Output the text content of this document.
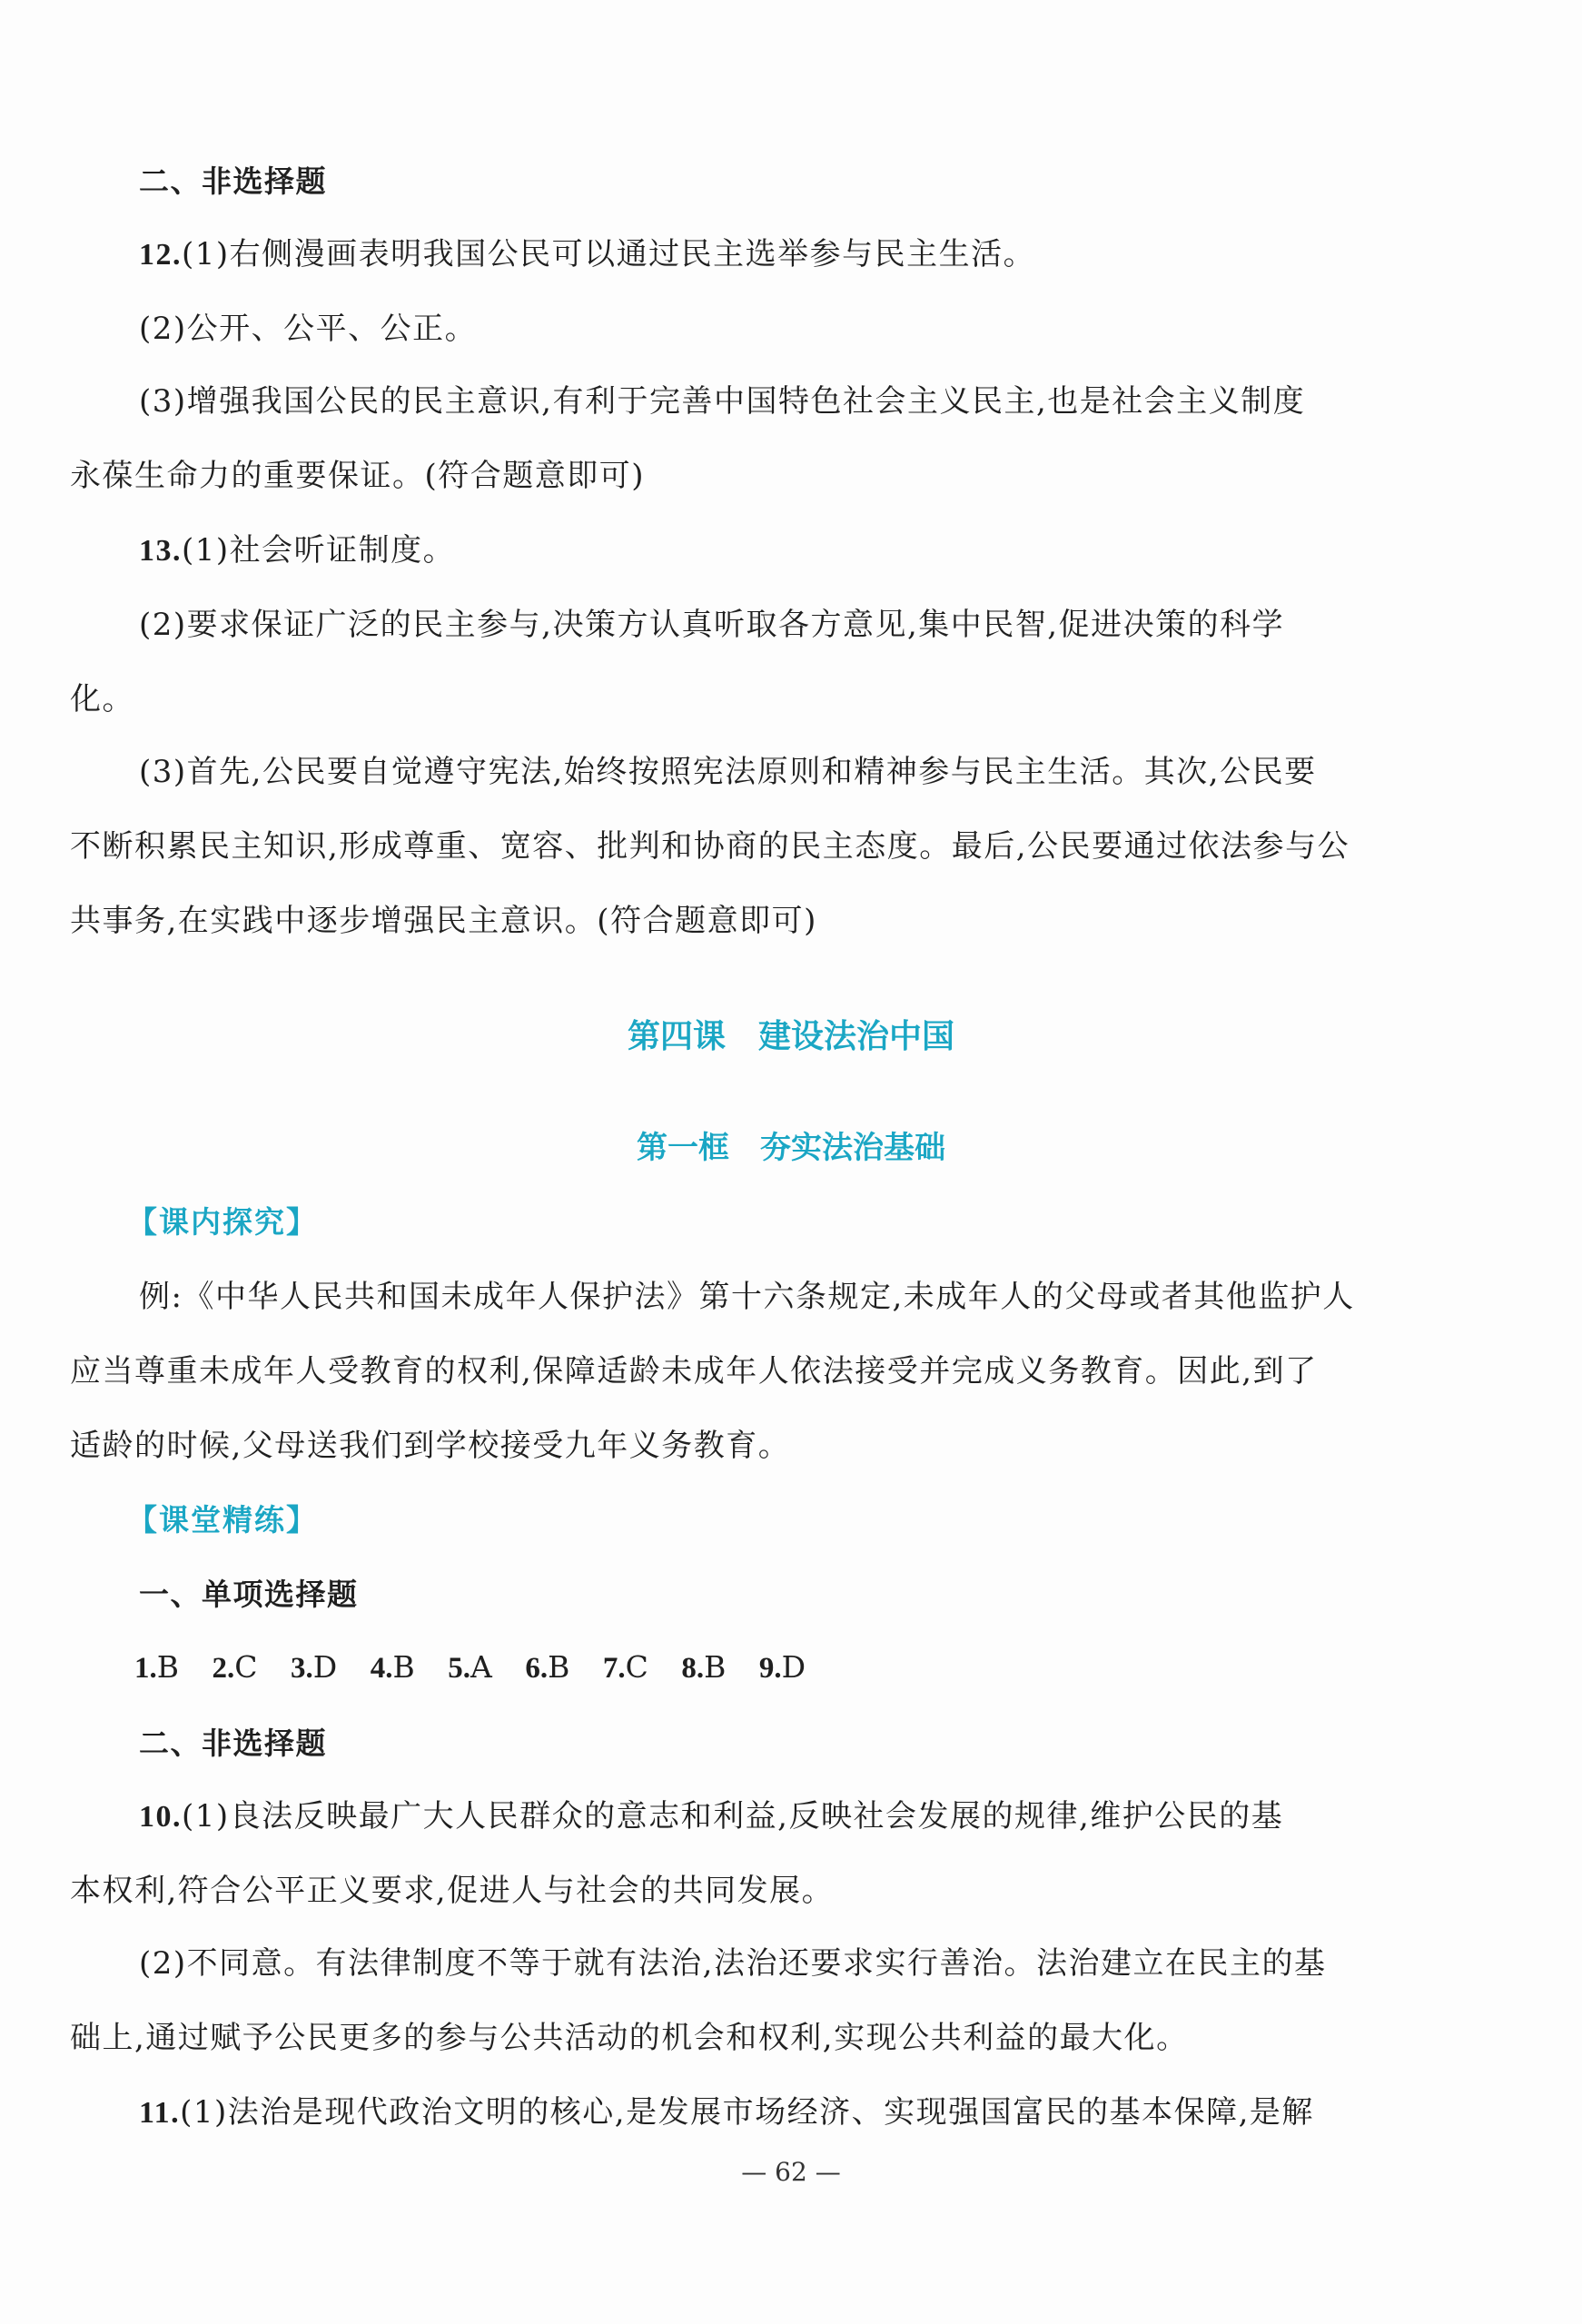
二、非选择题
12.(1)右侧漫画表明我国公民可以通过民主选举参与民主生活。
(2)公开、公平、公正。
(3)增强我国公民的民主意识,有利于完善中国特色社会主义民主,也是社会主义制度
永葆生命力的重要保证。(符合题意即可)
13.(1)社会听证制度。
(2)要求保证广泛的民主参与,决策方认真听取各方意见,集中民智,促进决策的科学
化。
(3)首先,公民要自觉遵守宪法,始终按照宪法原则和精神参与民主生活。其次,公民要
不断积累民主知识,形成尊重、宽容、批判和协商的民主态度。最后,公民要通过依法参与公
共事务,在实践中逐步增强民主意识。(符合题意即可)
第四课　建设法治中国
第一框　夯实法治基础
【课内探究】
例:《中华人民共和国未成年人保护法》第十六条规定,未成年人的父母或者其他监护人
应当尊重未成年人受教育的权利,保障适龄未成年人依法接受并完成义务教育。因此,到了
适龄的时候,父母送我们到学校接受九年义务教育。
【课堂精练】
一、单项选择题
1.B 2.C 3.D 4.B 5.A 6.B 7.C 8.B 9.D
二、非选择题
10.(1)良法反映最广大人民群众的意志和利益,反映社会发展的规律,维护公民的基
本权利,符合公平正义要求,促进人与社会的共同发展。
(2)不同意。有法律制度不等于就有法治,法治还要求实行善治。法治建立在民主的基
础上,通过赋予公民更多的参与公共活动的机会和权利,实现公共利益的最大化。
11.(1)法治是现代政治文明的核心,是发展市场经济、实现强国富民的基本保障,是解
— 62 —
